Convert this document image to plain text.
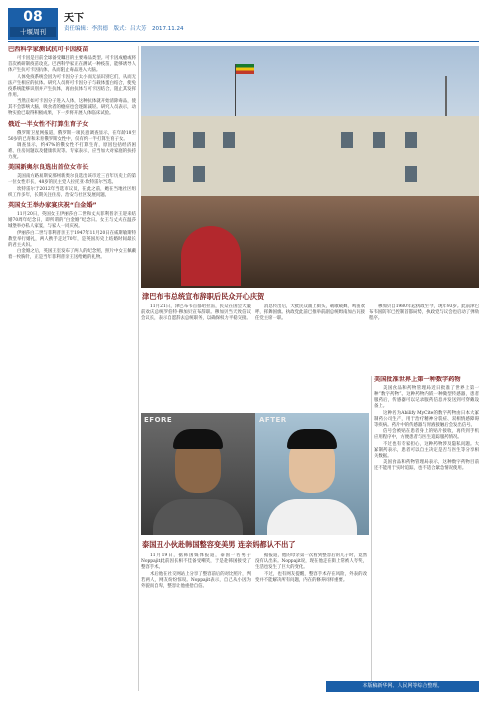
08
十堰周刊
天下
责任编辑：李洪德　版式：吕大芳　2017.11.24
巴西科学家测试抗可卡因疫苗

可卡因是目前全球备受瞩目的主要毒品类型。可卡因成瘾或将首次被研制疫苗攻克。巴西科学家正在测试一种疫苗，能够诱导人体产生抗可卡因抗体，从而阻止毒品进入大脑。

人体免疫系统会因为可卡因分子太小而无法识别它们，从而无法产生相应的抗体。研究人员将可卡因分子与载体蛋白结合，使免疫系统能够识别并产生抗体，再由抗体与可卡因结合，阻止其发挥作用。

当然正如可卡因分子进入人体，这种抗体就开始清除毒品，使其不会影响大脑，吸食者的瘾症也会逐渐减轻。研究人员表示，动物实验已取得积极成果，下一步将开展人体临床试验。

俄近一半女性不打算生育子女

俄罗斯卫星网报道，俄罗斯一项民意调查显示，在年龄18至50岁的已育和未育俄罗斯女性中，仅有约一半打算生育子女。

调查显示，约47%的俄女性不打算生育，原因包括经济困难、住房问题以及健康状况等。专家表示，应当加大对家庭的扶持力度。

美国新奥尔良选出首位女市长

美国南方路易斯安那州新奥尔良选出该市近三百年历史上的第一位女性市长，48岁的民主党人拉托亚·坎特雷尔当选。

坎特雷尔于2012年当选市议员，在此之前，她在当地社区组织工作多年，长期关注住房、治安与社区发展问题。

英国女王举办家宴庆祝“白金婚”

11月20日，英国女王伊丽莎白二世和丈夫菲利普亲王迎来结婚70周年纪念日，即所谓的“白金婚”纪念日。女王与丈夫在温莎城堡举办私人家宴，与家人一同庆祝。

伊丽莎白二世与菲利普亲王于1947年11月20日在威斯敏斯特教堂举行婚礼，两人携手走过70年，是英国历史上结婚时间最长的君主夫妇。

白金婚之后，英国王室发布了两人的纪念照，照片中女王佩戴着一枚胸针，正是当年菲利普亲王送给她的礼物。

津巴布韦总统宣布辞职后民众开心庆贺

11月21日，津巴布韦首都哈拉雷，民众在国会大厦前欢庆总统罗伯特·穆加贝宣布辞职。穆加贝当天致信议会议长，表示自愿辞去总统职务，以确保权力平稳交接。

消息传出后，大批民众涌上街头，载歌载舞，鸣笛欢呼，挥舞国旗。执政党此前已推举前副总统姆南加古瓦接任党主席一职。

穆加贝自1980年起执政至今，现年93岁。此前津巴布韦国防军已控制首都局势，执政党与议会也启动了弹劾程序。

美国批准世界上第一种数字药物

美国食品和药物管理局近日批准了世界上第一种“数字药物”。这种药物内嵌一种微型传感器，患者服药后，传感器可以记录服药信息并发送到可穿戴设备上。

这种名为Abilify MyCite的数字药物由日本大冢制药公司生产，用于治疗精神分裂症、双相情感障碍等疾病。药片中的传感器与胃液接触后会发出信号。

信号会被贴在患者身上的贴片接收，再传到手机应用程序中，方便患者与医生追踪服药情况。

不过也有专家担心，这种药物涉及隐私问题。大冢制药表示，患者可以自主决定是否与医生等分享相关数据。

美国食品和药物管理局表示，这种数字药物目前还不能用于实时追踪，也不适合紧急情况使用。

EFORE	AFTER
泰国丑小伙赴韩国整容变美男 连亲妈都认不出了

11月19日，据韩国媒体报道，泰国一名男子Noppajit此前因长相不佳备受嘲笑，于是赴韩国接受了整容手术。

术后他在社交网站上分享了整容前后的对比照片，判若两人，网友纷纷惊叹。Noppajit表示，自己从小因为外貌而自卑，整容让他重拾自信。

据报道，他的母亲第一次看到整容后的儿子时，竟然没有认出来。Noppajit说，现在他走在街上常被人夸奖，生活也发生了巨大的变化。

不过，也有网友提醒，整容手术存在风险，外表的改变并不能解决所有问题，内在的修养同样重要。

本版稿新华网、人民网等综合整理。
